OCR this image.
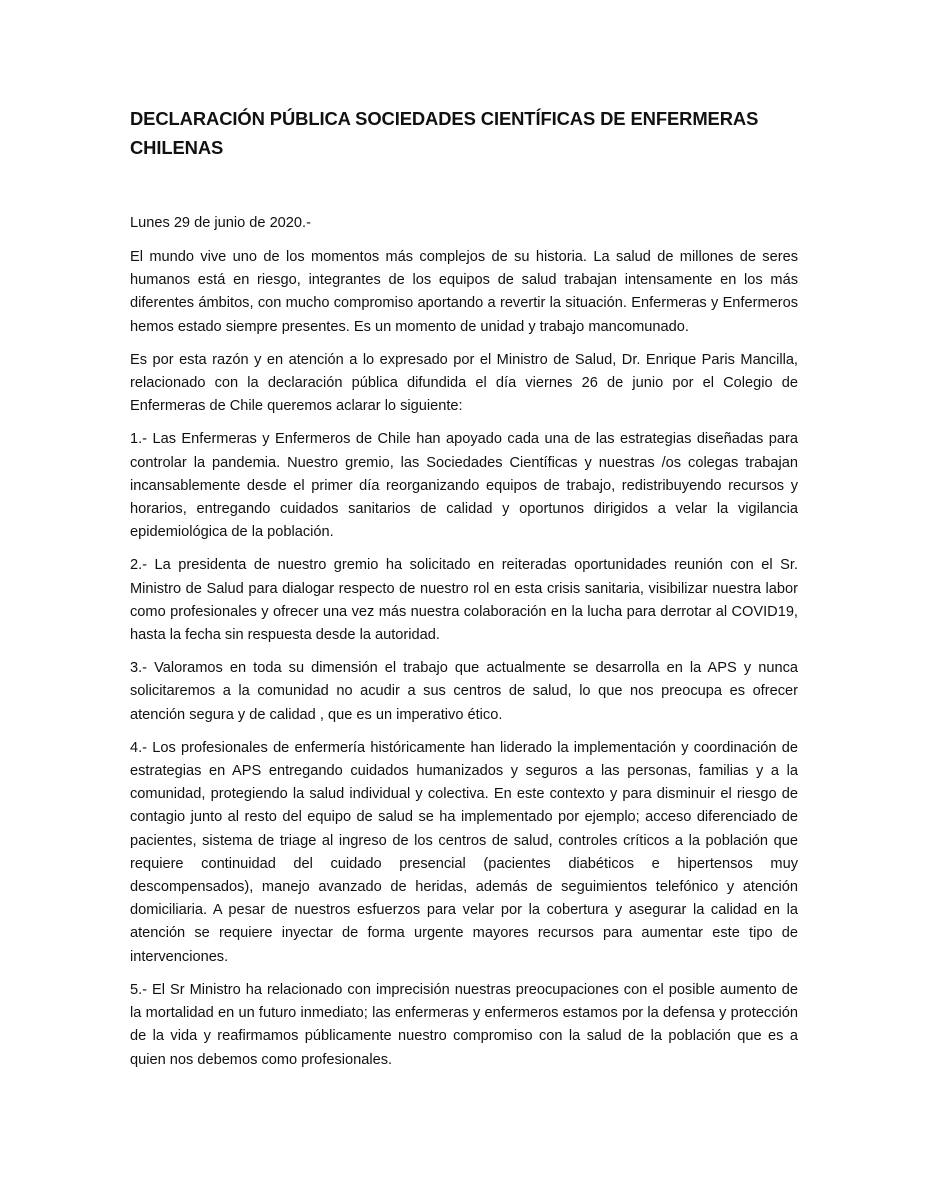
DECLARACIÓN PÚBLICA SOCIEDADES CIENTÍFICAS DE ENFERMERAS
CHILENAS

Lunes 29 de junio de 2020.-

El mundo vive uno de los momentos más complejos de su historia. La salud de millones de seres humanos está en riesgo, integrantes de los equipos de salud trabajan intensamente en los más diferentes ámbitos, con mucho compromiso aportando a revertir la situación. Enfermeras y Enfermeros hemos estado siempre presentes. Es un momento de unidad y trabajo mancomunado.

Es por esta razón y en atención a lo expresado por el Ministro de Salud, Dr. Enrique Paris Mancilla, relacionado con la declaración pública difundida el día viernes 26 de junio por el Colegio de Enfermeras de Chile queremos aclarar lo siguiente:

1.- Las Enfermeras y Enfermeros de Chile han apoyado cada una de las estrategias diseñadas para controlar la pandemia. Nuestro gremio, las Sociedades Científicas y nuestras /os colegas trabajan incansablemente desde el primer día reorganizando equipos de trabajo, redistribuyendo recursos y horarios, entregando cuidados sanitarios de calidad y oportunos dirigidos a velar la vigilancia epidemiológica de la población.

2.- La presidenta de nuestro gremio ha solicitado en reiteradas oportunidades reunión con el Sr. Ministro de Salud para dialogar respecto de nuestro rol en esta crisis sanitaria, visibilizar nuestra labor como profesionales y ofrecer una vez más nuestra colaboración en la lucha para derrotar al COVID19, hasta la fecha sin respuesta desde la autoridad.

3.- Valoramos en toda su dimensión el trabajo que actualmente se desarrolla en la APS y nunca solicitaremos a la comunidad no acudir a sus centros de salud, lo que nos preocupa es ofrecer atención segura y de calidad , que es un imperativo ético.

4.- Los profesionales de enfermería históricamente han liderado la implementación y coordinación de estrategias en APS entregando cuidados humanizados y seguros a las personas, familias y a la comunidad, protegiendo la salud individual y colectiva. En este contexto y para disminuir el riesgo de contagio junto al resto del equipo de salud se ha implementado por ejemplo; acceso diferenciado de pacientes, sistema de triage al ingreso de los centros de salud, controles críticos a la población que requiere continuidad del cuidado presencial (pacientes diabéticos e hipertensos muy descompensados), manejo avanzado de heridas, además de seguimientos telefónico y atención domiciliaria. A pesar de nuestros esfuerzos para velar por la cobertura y asegurar la calidad en la atención se requiere inyectar de forma urgente mayores recursos para aumentar este tipo de intervenciones.

5.- El Sr Ministro ha relacionado con imprecisión nuestras preocupaciones con el posible aumento de la mortalidad en un futuro inmediato; las enfermeras y enfermeros estamos por la defensa y protección de la vida y reafirmamos públicamente nuestro compromiso con la salud de la población que es a quien nos debemos como profesionales.
